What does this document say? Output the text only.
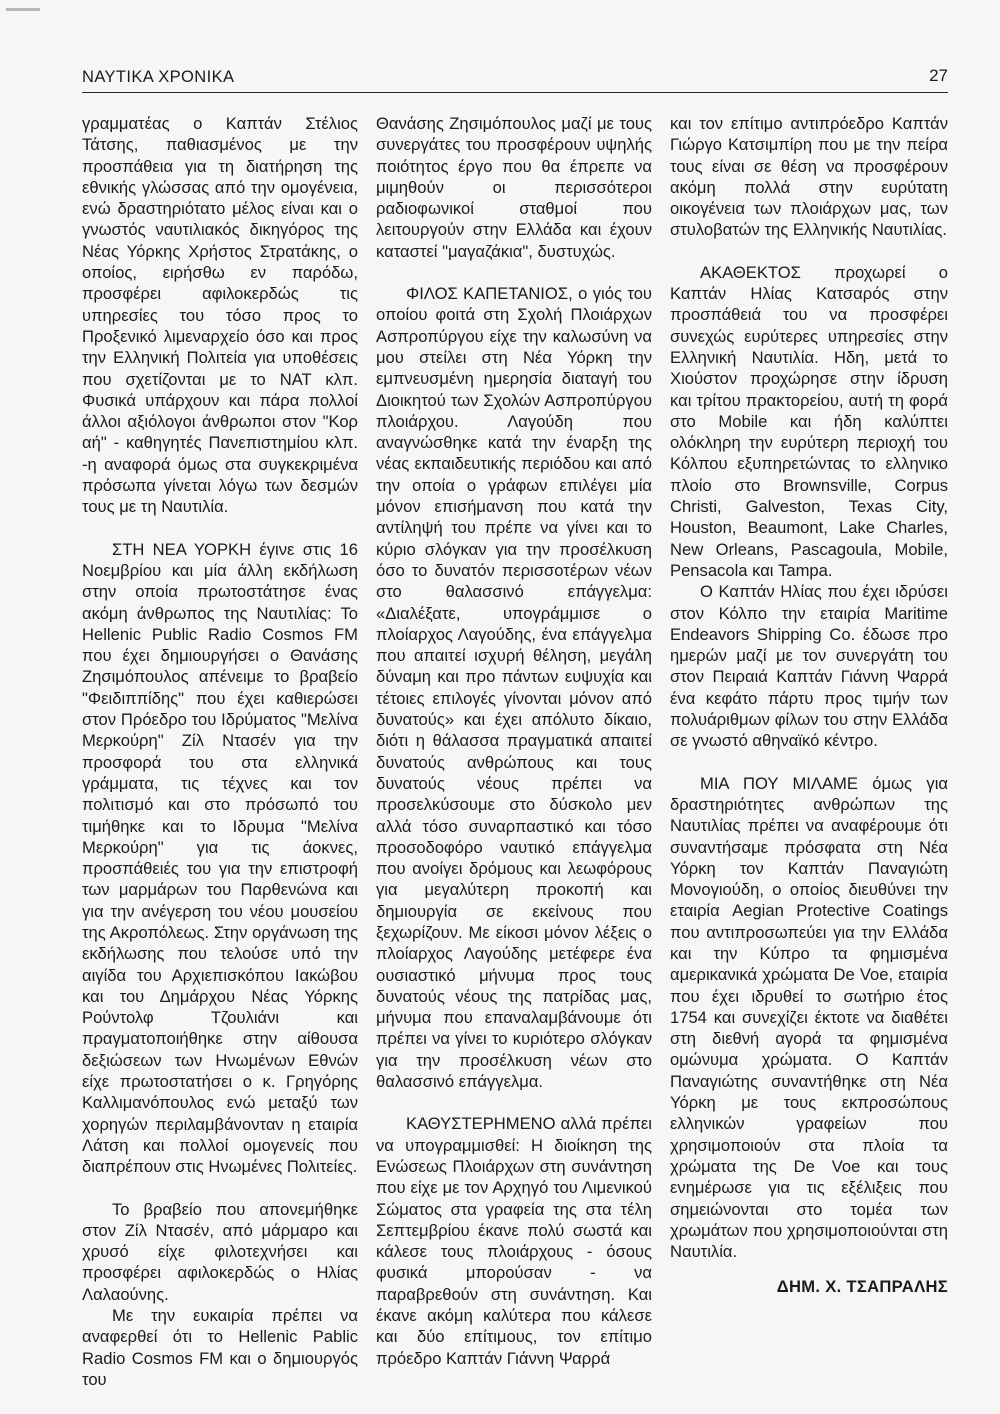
ΝΑΥΤΙΚΑ ΧΡΟΝΙΚΑ	27

γραμματέας ο Καπτάν Στέλιος Τάτσης, παθιασμένος με την προσπάθεια για τη διατήρηση της εθνικής γλώσσας από την ομογένεια, ενώ δραστηριότατο μέλος είναι και ο γνωστός ναυτιλιακός δικηγόρος της Νέας Υόρκης Χρήστος Στρατάκης, ο οποίος, ειρήσθω εν παρόδω, προσφέρει αφιλοκερδώς τις υπηρεσίες του τόσο προς το Προξενικό λιμεναρχείο όσο και προς την Ελληνική Πολιτεία για υποθέσεις που σχετίζονται με το ΝΑΤ κλπ. Φυσικά υπάρχουν και πάρα πολλοί άλλοι αξιόλογοι άνθρωποι στον "Κορ αή" - καθηγητές Πανεπιστημίου κλπ. -η αναφορά όμως στα συγκεκριμένα πρόσωπα γίνεται λόγω των δεσμών τους με τη Ναυτιλία.

ΣΤΗ ΝΕΑ ΥΟΡΚΗ έγινε στις 16 Νοεμβρίου και μία άλλη εκδήλωση στην οποία πρωτοστάτησε ένας ακόμη άνθρωπος της Ναυτιλίας: Το Hellenic Public Radio Cosmos FM που έχει δημιουργήσει ο Θανάσης Ζησιμόπουλος απένειμε το βραβείο "Φειδιππίδης" που έχει καθιερώσει στον Πρόεδρο του Ιδρύματος "Μελίνα Μερκούρη" Ζίλ Ντασέν για την προσφορά του στα ελληνικά γράμματα, τις τέχνες και τον πολιτισμό και στο πρόσωπό του τιμήθηκε και το Ιδρυμα "Μελίνα Μερκούρη" για τις άοκνες, προσπάθειές του για την επιστροφή των μαρμάρων του Παρθενώνα και για την ανέγερση του νέου μουσείου της Ακροπόλεως. Στην οργάνωση της εκδήλωσης που τελούσε υπό την αιγίδα του Αρχιεπισκόπου Ιακώβου και του Δημάρχου Νέας Υόρκης Ρούντολφ Τζουλιάνι και πραγματοποιήθηκε στην αίθουσα δεξιώσεων των Ηνωμένων Εθνών είχε πρωτοστατήσει ο κ. Γρηγόρης Καλλιμανόπουλος ενώ μεταξύ των χορηγών περιλαμβάνονταν η εταιρία Λάτση και πολλοί ομογενείς που διαπρέπουν στις Ηνωμένες Πολιτείες.

Το βραβείο που απονεμήθηκε στον Ζίλ Ντασέν, από μάρμαρο και χρυσό είχε φιλοτεχνήσει και προσφέρει αφιλοκερδώς ο Ηλίας Λαλαούνης.

Με την ευκαιρία πρέπει να αναφερθεί ότι το Hellenic Pablic Radio Cosmos FM και ο δημιουργός του

Θανάσης Ζησιμόπουλος μαζί με τους συνεργάτες του προσφέρουν υψηλής ποιότητος έργο που θα έπρεπε να μιμηθούν οι περισσότεροι ραδιοφωνικοί σταθμοί που λειτουργούν στην Ελλάδα και έχουν καταστεί "μαγαζάκια", δυστυχώς.

ΦΙΛΟΣ ΚΑΠΕΤΑΝΙΟΣ, ο γιός του οποίου φοιτά στη Σχολή Πλοιάρχων Ασπροπύργου είχε την καλωσύνη να μου στείλει στη Νέα Υόρκη την εμπνευσμένη ημερησία διαταγή του Διοικητού των Σχολών Ασπροπύργου πλοιάρχου. Λαγούδη που αναγνώσθηκε κατά την έναρξη της νέας εκπαιδευτικής περιόδου και από την οποία ο γράφων επιλέγει μία μόνον επισήμανση που κατά την αντίληψή του πρέπε να γίνει και το κύριο σλόγκαν για την προσέλκυση όσο το δυνατόν περισσοτέρων νέων στο θαλασσινό επάγγελμα: «Διαλέξατε, υπογράμμισε ο πλοίαρχος Λαγούδης, ένα επάγγελμα που απαιτεί ισχυρή θέληση, μεγάλη δύναμη και προ πάντων ευψυχία και τέτοιες επιλογές γίνονται μόνον από δυνατούς» και έχει απόλυτο δίκαιο, διότι η θάλασσα πραγματικά απαιτεί δυνατούς ανθρώπους και τους δυνατούς νέους πρέπει να προσελκύσουμε στο δύσκολο μεν αλλά τόσο συναρπαστικό και τόσο προσοδοφόρο ναυτικό επάγγελμα που ανοίγει δρόμους και λεωφόρους για μεγαλύτερη προκοπή και δημιουργία σε εκείνους που ξεχωρίζουν. Με είκοσι μόνον λέξεις ο πλοίαρχος Λαγούδης μετέφερε ένα ουσιαστικό μήνυμα προς τους δυνατούς νέους της πατρίδας μας, μήνυμα που επαναλαμβάνουμε ότι πρέπει να γίνει το κυριότερο σλόγκαν για την προσέλκυση νέων στο θαλασσινό επάγγελμα.

ΚΑΘΥΣΤΕΡΗΜΕΝΟ αλλά πρέπει να υπογραμμισθεί: Η διοίκηση της Ενώσεως Πλοιάρχων στη συνάντηση που είχε με τον Αρχηγό του Λιμενικού Σώματος στα γραφεία της στα τέλη Σεπτεμβρίου έκανε πολύ σωστά και κάλεσε τους πλοιάρχους - όσους φυσικά μπορούσαν - να παραβρεθούν στη συνάντηση. Και έκανε ακόμη καλύτερα που κάλεσε και δύο επίτιμους, τον επίτιμο πρόεδρο Καπτάν Γιάννη Ψαρρά

και τον επίτιμο αντιπρόεδρο Καπτάν Γιώργο Κατσιμπίρη που με την πείρα τους είναι σε θέση να προσφέρουν ακόμη πολλά στην ευρύτατη οικογένεια των πλοιάρχων μας, των στυλοβατών της Ελληνικής Ναυτιλίας.

ΑΚΑΘΕΚΤΟΣ προχωρεί ο Καπτάν Ηλίας Κατσαρός στην προσπάθειά του να προσφέρει συνεχώς ευρύτερες υπηρεσίες στην Ελληνική Ναυτιλία. Ηδη, μετά το Χιούστον προχώρησε στην ίδρυση και τρίτου πρακτορείου, αυτή τη φορά στο Mobile και ήδη καλύπτει ολόκληρη την ευρύτερη περιοχή του Κόλπου εξυπηρετώντας το ελληνικο πλοίο στο Brownsville, Corpus Christi, Galveston, Texas City, Houston, Beaumont, Lake Charles, New Orleans, Pascagoula, Mobile, Pensacola και Tampa.

Ο Καπτάν Ηλίας που έχει ιδρύσει στον Κόλπο την εταιρία Maritime Endeavors Shipping Co. έδωσε προ ημερών μαζί με τον συνεργάτη του στον Πειραιά Καπτάν Γιάννη Ψαρρά ένα κεφάτο πάρτυ προς τιμήν των πολυάριθμων φίλων του στην Ελλάδα σε γνωστό αθηναϊκό κέντρο.

ΜΙΑ ΠΟΥ ΜΙΛΑΜΕ όμως για δραστηριότητες ανθρώπων της Ναυτιλίας πρέπει να αναφέρουμε ότι συναντήσαμε πρόσφατα στη Νέα Υόρκη τον Καπτάν Παναγιώτη Μονογιούδη, ο οποίος διευθύνει την εταιρία Aegian Protective Coatings που αντιπροσωπεύει για την Ελλάδα και την Κύπρο τα φημισμένα αμερικανικά χρώματα De Voe, εταιρία που έχει ιδρυθεί το σωτήριο έτος 1754 και συνεχίζει έκτοτε να διαθέτει στη διεθνή αγορά τα φημισμένα ομώνυμα χρώματα. Ο Καπτάν Παναγιώτης συναντήθηκε στη Νέα Υόρκη με τους εκπροσώπους ελληνικών γραφείων που χρησιμοποιούν στα πλοία τα χρώματα της De Voe και τους ενημέρωσε για τις εξέλιξεις που σημειώνονται στο τομέα των χρωμάτων που χρησιμοποιούνται στη Ναυτιλία.

ΔΗΜ. Χ. ΤΣΑΠΡΑΛΗΣ
